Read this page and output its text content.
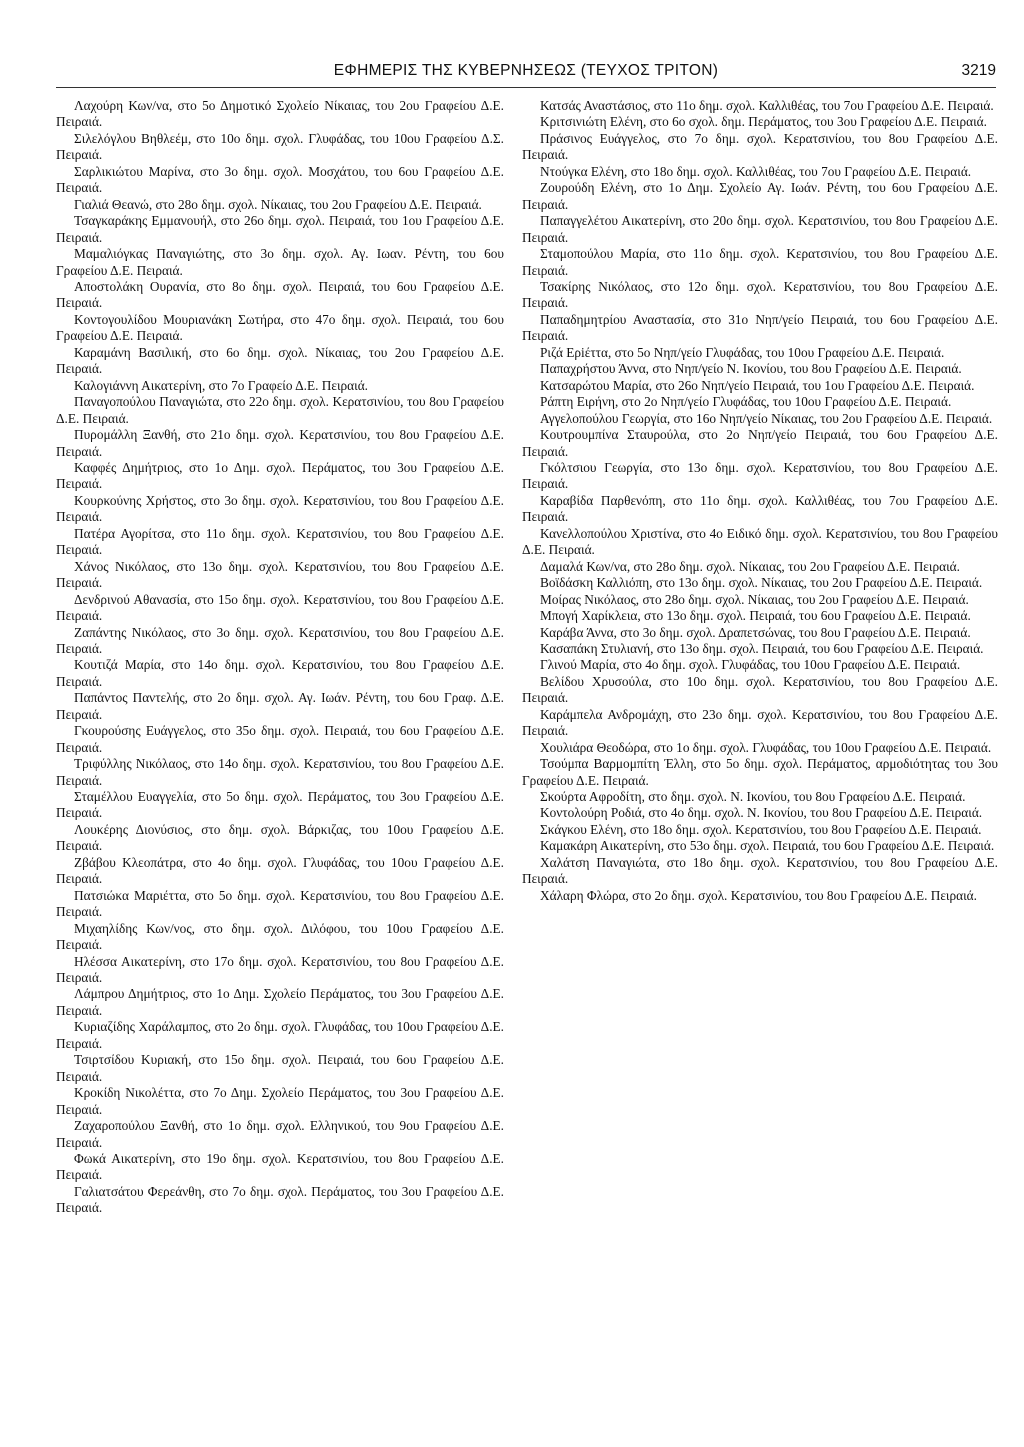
ΕΦΗΜΕΡΙΣ ΤΗΣ ΚΥΒΕΡΝΗΣΕΩΣ (ΤΕΥΧΟΣ ΤΡΙΤΟΝ)	3219

Λαχούρη Κων/να, στο 5ο Δημοτικό Σχολείο Νίκαιας, του 2ου Γραφείου Δ.Ε. Πειραιά.

Σιλελόγλου Βηθλεέμ, στο 10ο δημ. σχολ. Γλυφάδας, του 10ου Γραφείου Δ.Σ. Πειραιά.

Σαρλικιώτου Μαρίνα, στο 3ο δημ. σχολ. Μοσχάτου, του 6ου Γραφείου Δ.Ε. Πειραιά.

Γιαλιά Θεανώ, στο 28ο δημ. σχολ. Νίκαιας, του 2ου Γραφείου Δ.Ε. Πειραιά.

Τσαγκαράκης Εμμανουήλ, στο 26ο δημ. σχολ. Πειραιά, του 1ου Γραφείου Δ.Ε. Πειραιά.

Μαμαλιόγκας Παναγιώτης, στο 3ο δημ. σχολ. Αγ. Ιωαν. Ρέντη, του 6ου Γραφείου Δ.Ε. Πειραιά.

Αποστολάκη Ουρανία, στο 8ο δημ. σχολ. Πειραιά, του 6ου Γραφείου Δ.Ε. Πειραιά.

Κοντογουλίδου Μουριανάκη Σωτήρα, στο 47ο δημ. σχολ. Πειραιά, του 6ου Γραφείου Δ.Ε. Πειραιά.

Καραμάνη Βασιλική, στο 6ο δημ. σχολ. Νίκαιας, του 2ου Γραφείου Δ.Ε. Πειραιά.

Καλογιάννη Αικατερίνη, στο 7ο Γραφείο Δ.Ε. Πειραιά.

Παναγοπούλου Παναγιώτα, στο 22ο δημ. σχολ. Κερατσινίου, του 8ου Γραφείου Δ.Ε. Πειραιά.

Πυρομάλλη Ξανθή, στο 21ο δημ. σχολ. Κερατσινίου, του 8ου Γραφείου Δ.Ε. Πειραιά.

Καφφές Δημήτριος, στο 1ο Δημ. σχολ. Περάματος, του 3ου Γραφείου Δ.Ε. Πειραιά.

Κουρκούνης Χρήστος, στο 3ο δημ. σχολ. Κερατσινίου, του 8ου Γραφείου Δ.Ε. Πειραιά.

Πατέρα Αγορίτσα, στο 11ο δημ. σχολ. Κερατσινίου, του 8ου Γραφείου Δ.Ε. Πειραιά.

Χάνος Νικόλαος, στο 13ο δημ. σχολ. Κερατσινίου, του 8ου Γραφείου Δ.Ε. Πειραιά.

Δενδρινού Αθανασία, στο 15ο δημ. σχολ. Κερατσινίου, του 8ου Γραφείου Δ.Ε. Πειραιά.

Ζαπάντης Νικόλαος, στο 3ο δημ. σχολ. Κερατσινίου, του 8ου Γραφείου Δ.Ε. Πειραιά.

Κουτιζά Μαρία, στο 14ο δημ. σχολ. Κερατσινίου, του 8ου Γραφείου Δ.Ε. Πειραιά.

Παπάντος Παντελής, στο 2ο δημ. σχολ. Αγ. Ιωάν. Ρέντη, του 6ου Γραφ. Δ.Ε. Πειραιά.

Γκουρούσης Ευάγγελος, στο 35ο δημ. σχολ. Πειραιά, του 6ου Γραφείου Δ.Ε. Πειραιά.

Τριφύλλης Νικόλαος, στο 14ο δημ. σχολ. Κερατσινίου, του 8ου Γραφείου Δ.Ε. Πειραιά.

Σταμέλλου Ευαγγελία, στο 5ο δημ. σχολ. Περάματος, του 3ου Γραφείου Δ.Ε. Πειραιά.

Λουκέρης Διονύσιος, στο δημ. σχολ. Βάρκιζας, του 10ου Γραφείου Δ.Ε. Πειραιά.

Ζβάβου Κλεοπάτρα, στο 4ο δημ. σχολ. Γλυφάδας, του 10ου Γραφείου Δ.Ε. Πειραιά.

Πατσιώκα Μαριέττα, στο 5ο δημ. σχολ. Κερατσινίου, του 8ου Γραφείου Δ.Ε. Πειραιά.

Μιχαηλίδης Κων/νος, στο δημ. σχολ. Διλόφου, του 10ου Γραφείου Δ.Ε. Πειραιά.

Ηλέσσα Αικατερίνη, στο 17ο δημ. σχολ. Κερατσινίου, του 8ου Γραφείου Δ.Ε. Πειραιά.

Λάμπρου Δημήτριος, στο 1ο Δημ. Σχολείο Περάματος, του 3ου Γραφείου Δ.Ε. Πειραιά.

Κυριαζίδης Χαράλαμπος, στο 2ο δημ. σχολ. Γλυφάδας, του 10ου Γραφείου Δ.Ε. Πειραιά.

Τσιρτσίδου Κυριακή, στο 15ο δημ. σχολ. Πειραιά, του 6ου Γραφείου Δ.Ε. Πειραιά.

Κροκίδη Νικολέττα, στο 7ο Δημ. Σχολείο Περάματος, του 3ου Γραφείου Δ.Ε. Πειραιά.

Ζαχαροπούλου Ξανθή, στο 1ο δημ. σχολ. Ελληνικού, του 9ου Γραφείου Δ.Ε. Πειραιά.

Φωκά Αικατερίνη, στο 19ο δημ. σχολ. Κερατσινίου, του 8ου Γραφείου Δ.Ε. Πειραιά.

Γαλιατσάτου Φερεάνθη, στο 7ο δημ. σχολ. Περάματος, του 3ου Γραφείου Δ.Ε. Πειραιά.

Κατσάς Αναστάσιος, στο 11ο δημ. σχολ. Καλλιθέας, του 7ου Γραφείου Δ.Ε. Πειραιά.

Κριτσινιώτη Ελένη, στο 6ο σχολ. δημ. Περάματος, του 3ου Γραφείου Δ.Ε. Πειραιά.

Πράσινος Ευάγγελος, στο 7ο δημ. σχολ. Κερατσινίου, του 8ου Γραφείου Δ.Ε. Πειραιά.

Ντούγκα Ελένη, στο 18ο δημ. σχολ. Καλλιθέας, του 7ου Γραφείου Δ.Ε. Πειραιά.

Ζουρούδη Ελένη, στο 1ο Δημ. Σχολείο Αγ. Ιωάν. Ρέντη, του 6ου Γραφείου Δ.Ε. Πειραιά.

Παπαγγελέτου Αικατερίνη, στο 20ο δημ. σχολ. Κερατσινίου, του 8ου Γραφείου Δ.Ε. Πειραιά.

Σταμοπούλου Μαρία, στο 11ο δημ. σχολ. Κερατσινίου, του 8ου Γραφείου Δ.Ε. Πειραιά.

Τσακίρης Νικόλαος, στο 12ο δημ. σχολ. Κερατσινίου, του 8ου Γραφείου Δ.Ε. Πειραιά.

Παπαδημητρίου Αναστασία, στο 31ο Νηπ/γείο Πειραιά, του 6ου Γραφείου Δ.Ε. Πειραιά.

Ριζά Ερiέττα, στο 5ο Νηπ/γείο Γλυφάδας, του 10ου Γραφείου Δ.Ε. Πειραιά.

Παπαχρήστου Άννα, στο Νηπ/γείο Ν. Ικονίου, του 8ου Γραφείου Δ.Ε. Πειραιά.

Κατσαρώτου Μαρία, στο 26ο Νηπ/γείο Πειραιά, του 1ου Γραφείου Δ.Ε. Πειραιά.

Ράπτη Ειρήνη, στο 2ο Νηπ/γείο Γλυφάδας, του 10ου Γραφείου Δ.Ε. Πειραιά.

Αγγελοπούλου Γεωργία, στο 16ο Νηπ/γείο Νίκαιας, του 2ου Γραφείου Δ.Ε. Πειραιά.

Κουτρουμπίνα Σταυρούλα, στο 2ο Νηπ/γείο Πειραιά, του 6ου Γραφείου Δ.Ε. Πειραιά.

Γκόλτσιου Γεωργία, στο 13ο δημ. σχολ. Κερατσινίου, του 8ου Γραφείου Δ.Ε. Πειραιά.

Καραβίδα Παρθενόπη, στο 11ο δημ. σχολ. Καλλιθέας, του 7ου Γραφείου Δ.Ε. Πειραιά.

Κανελλοπούλου Χριστίνα, στο 4ο Ειδικό δημ. σχολ. Κερατσινίου, του 8ου Γραφείου Δ.Ε. Πειραιά.

Δαμαλά Κων/να, στο 28ο δημ. σχολ. Νίκαιας, του 2ου Γραφείου Δ.Ε. Πειραιά.

Βοϊδάσκη Καλλιόπη, στο 13ο δημ. σχολ. Νίκαιας, του 2ου Γραφείου Δ.Ε. Πειραιά.

Μοίρας Νικόλαος, στο 28ο δημ. σχολ. Νίκαιας, του 2ου Γραφείου Δ.Ε. Πειραιά.

Μπογή Χαρίκλεια, στο 13ο δημ. σχολ. Πειραιά, του 6ου Γραφείου Δ.Ε. Πειραιά.

Καράβα Άννα, στο 3ο δημ. σχολ. Δραπετσώνας, του 8ου Γραφείου Δ.Ε. Πειραιά.

Κασαπάκη Στυλιανή, στο 13ο δημ. σχολ. Πειραιά, του 6ου Γραφείου Δ.Ε. Πειραιά.

Γλινού Μαρία, στο 4ο δημ. σχολ. Γλυφάδας, του 10ου Γραφείου Δ.Ε. Πειραιά.

Βελίδου Χρυσούλα, στο 10ο δημ. σχολ. Κερατσινίου, του 8ου Γραφείου Δ.Ε. Πειραιά.

Καράμπελα Ανδρομάχη, στο 23ο δημ. σχολ. Κερατσινίου, του 8ου Γραφείου Δ.Ε. Πειραιά.

Χουλιάρα Θεοδώρα, στο 1ο δημ. σχολ. Γλυφάδας, του 10ου Γραφείου Δ.Ε. Πειραιά.

Τσούμπα Βαρμομπίτη Έλλη, στο 5ο δημ. σχολ. Περάματος, αρμοδιότητας του 3ου Γραφείου Δ.Ε. Πειραιά.

Σκούρτα Αφροδίτη, στο δημ. σχολ. Ν. Ικονίου, του 8ου Γραφείου Δ.Ε. Πειραιά.

Κοντολούρη Ροδιά, στο 4ο δημ. σχολ. Ν. Ικονίου, του 8ου Γραφείου Δ.Ε. Πειραιά.

Σκάγκου Ελένη, στο 18ο δημ. σχολ. Κερατσινίου, του 8ου Γραφείου Δ.Ε. Πειραιά.

Καμακάρη Αικατερίνη, στο 53ο δημ. σχολ. Πειραιά, του 6ου Γραφείου Δ.Ε. Πειραιά.

Χαλάτση Παναγιώτα, στο 18ο δημ. σχολ. Κερατσινίου, του 8ου Γραφείου Δ.Ε. Πειραιά.

Χάλαρη Φλώρα, στο 2ο δημ. σχολ. Κερατσινίου, του 8ου Γραφείου Δ.Ε. Πειραιά.
